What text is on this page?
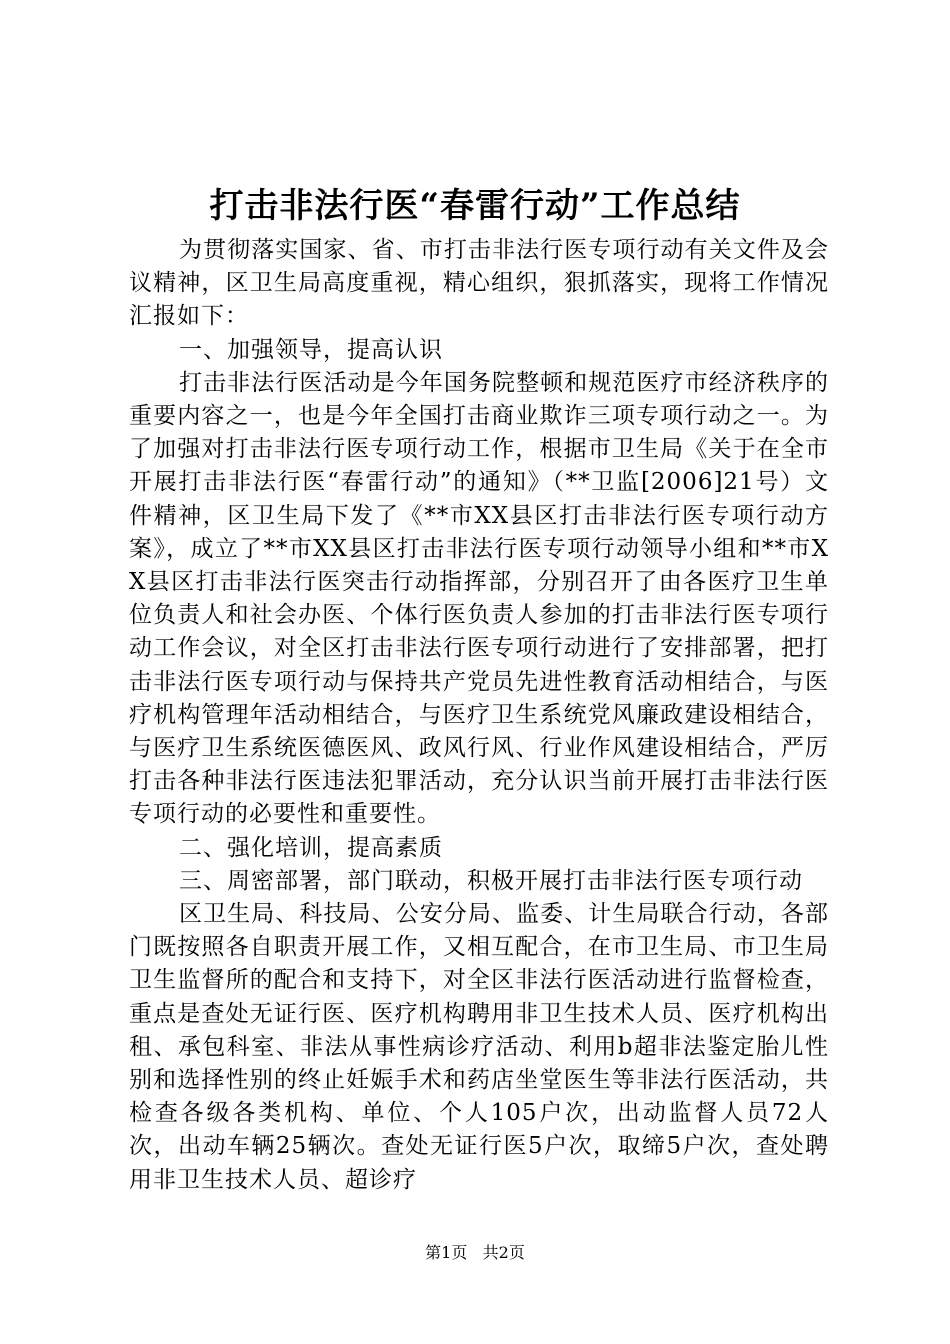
打击非法行医“春雷行动”工作总结

为贯彻落实国家、省、市打击非法行医专项行动有关文件及会议精神，区卫生局高度重视，精心组织，狠抓落实，现将工作情况汇报如下：

一、加强领导，提高认识

打击非法行医活动是今年国务院整顿和规范医疗市经济秩序的重要内容之一，也是今年全国打击商业欺诈三项专项行动之一。为了加强对打击非法行医专项行动工作，根据市卫生局《关于在全市开展打击非法行医“春雷行动”的通知》（**卫监[2006]21号）文件精神，区卫生局下发了《**市XX县区打击非法行医专项行动方案》，成立了**市XX县区打击非法行医专项行动领导小组和**市XX县区打击非法行医突击行动指挥部，分别召开了由各医疗卫生单位负责人和社会办医、个体行医负责人参加的打击非法行医专项行动工作会议，对全区打击非法行医专项行动进行了安排部署，把打击非法行医专项行动与保持共产党员先进性教育活动相结合，与医疗机构管理年活动相结合，与医疗卫生系统党风廉政建设相结合，与医疗卫生系统医德医风、政风行风、行业作风建设相结合，严厉打击各种非法行医违法犯罪活动，充分认识当前开展打击非法行医专项行动的必要性和重要性。

二、强化培训，提高素质

三、周密部署，部门联动，积极开展打击非法行医专项行动

区卫生局、科技局、公安分局、监委、计生局联合行动，各部门既按照各自职责开展工作，又相互配合，在市卫生局、市卫生局卫生监督所的配合和支持下，对全区非法行医活动进行监督检查，重点是查处无证行医、医疗机构聘用非卫生技术人员、医疗机构出租、承包科室、非法从事性病诊疗活动、利用b超非法鉴定胎儿性别和选择性别的终止妊娠手术和药店坐堂医生等非法行医活动，共检查各级各类机构、单位、个人105户次，出动监督人员72人次，出动车辆25辆次。查处无证行医5户次，取缔5户次，查处聘用非卫生技术人员、超诊疗

第1页 共2页
